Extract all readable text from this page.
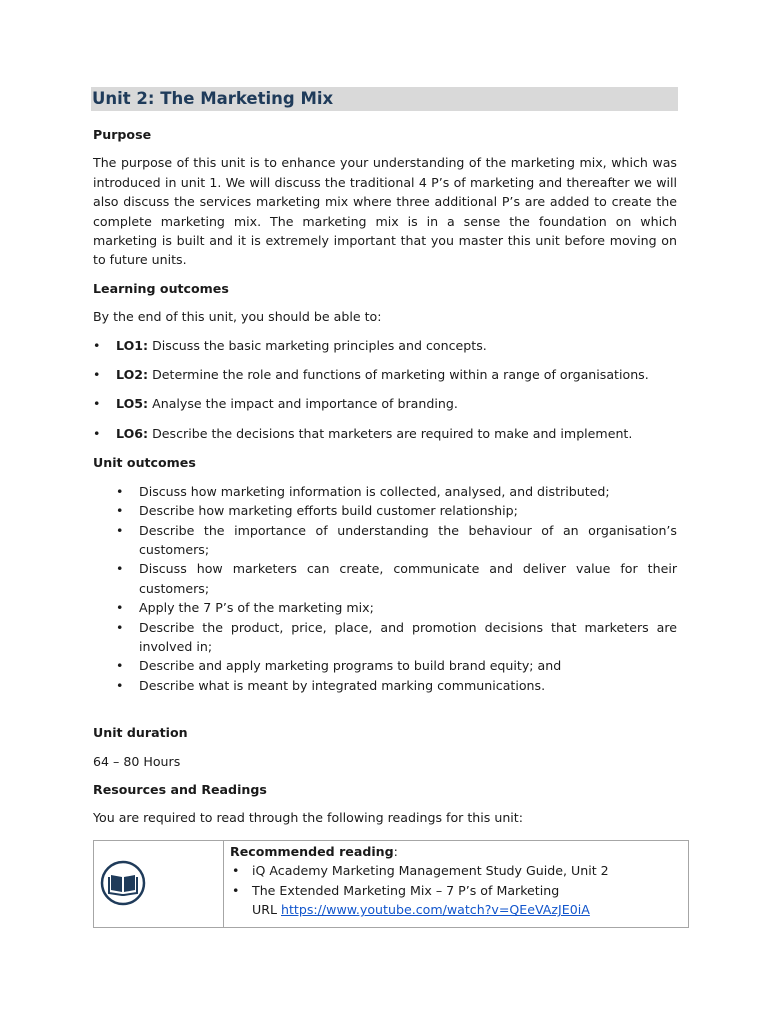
Unit 2: The Marketing Mix
Purpose

The purpose of this unit is to enhance your understanding of the marketing mix, which was introduced in unit 1. We will discuss the traditional 4 P’s of marketing and thereafter we will also discuss the services marketing mix where three additional P’s are added to create the complete marketing mix. The marketing mix is in a sense the foundation on which marketing is built and it is extremely important that you master this unit before moving on to future units.

Learning outcomes

By the end of this unit, you should be able to:

• LO1: Discuss the basic marketing principles and concepts.
• LO2: Determine the role and functions of marketing within a range of organisations.
• LO5: Analyse the impact and importance of branding.
• LO6: Describe the decisions that marketers are required to make and implement.
Unit outcomes
• Discuss how marketing information is collected, analysed, and distributed;
• Describe how marketing efforts build customer relationship;
• Describe the importance of understanding the behaviour of an organisation’s customers;
• Discuss how marketers can create, communicate and deliver value for their customers;
• Apply the 7 P’s of the marketing mix;
• Describe the product, price, place, and promotion decisions that marketers are involved in;
• Describe and apply marketing programs to build brand equity; and
• Describe what is meant by integrated marking communications.
Unit duration

64 – 80 Hours

Resources and Readings

You are required to read through the following readings for this unit:

Recommended reading:
• iQ Academy Marketing Management Study Guide, Unit 2
• The Extended Marketing Mix – 7 P’s of Marketing
URL https://www.youtube.com/watch?v=QEeVAzJE0iA
